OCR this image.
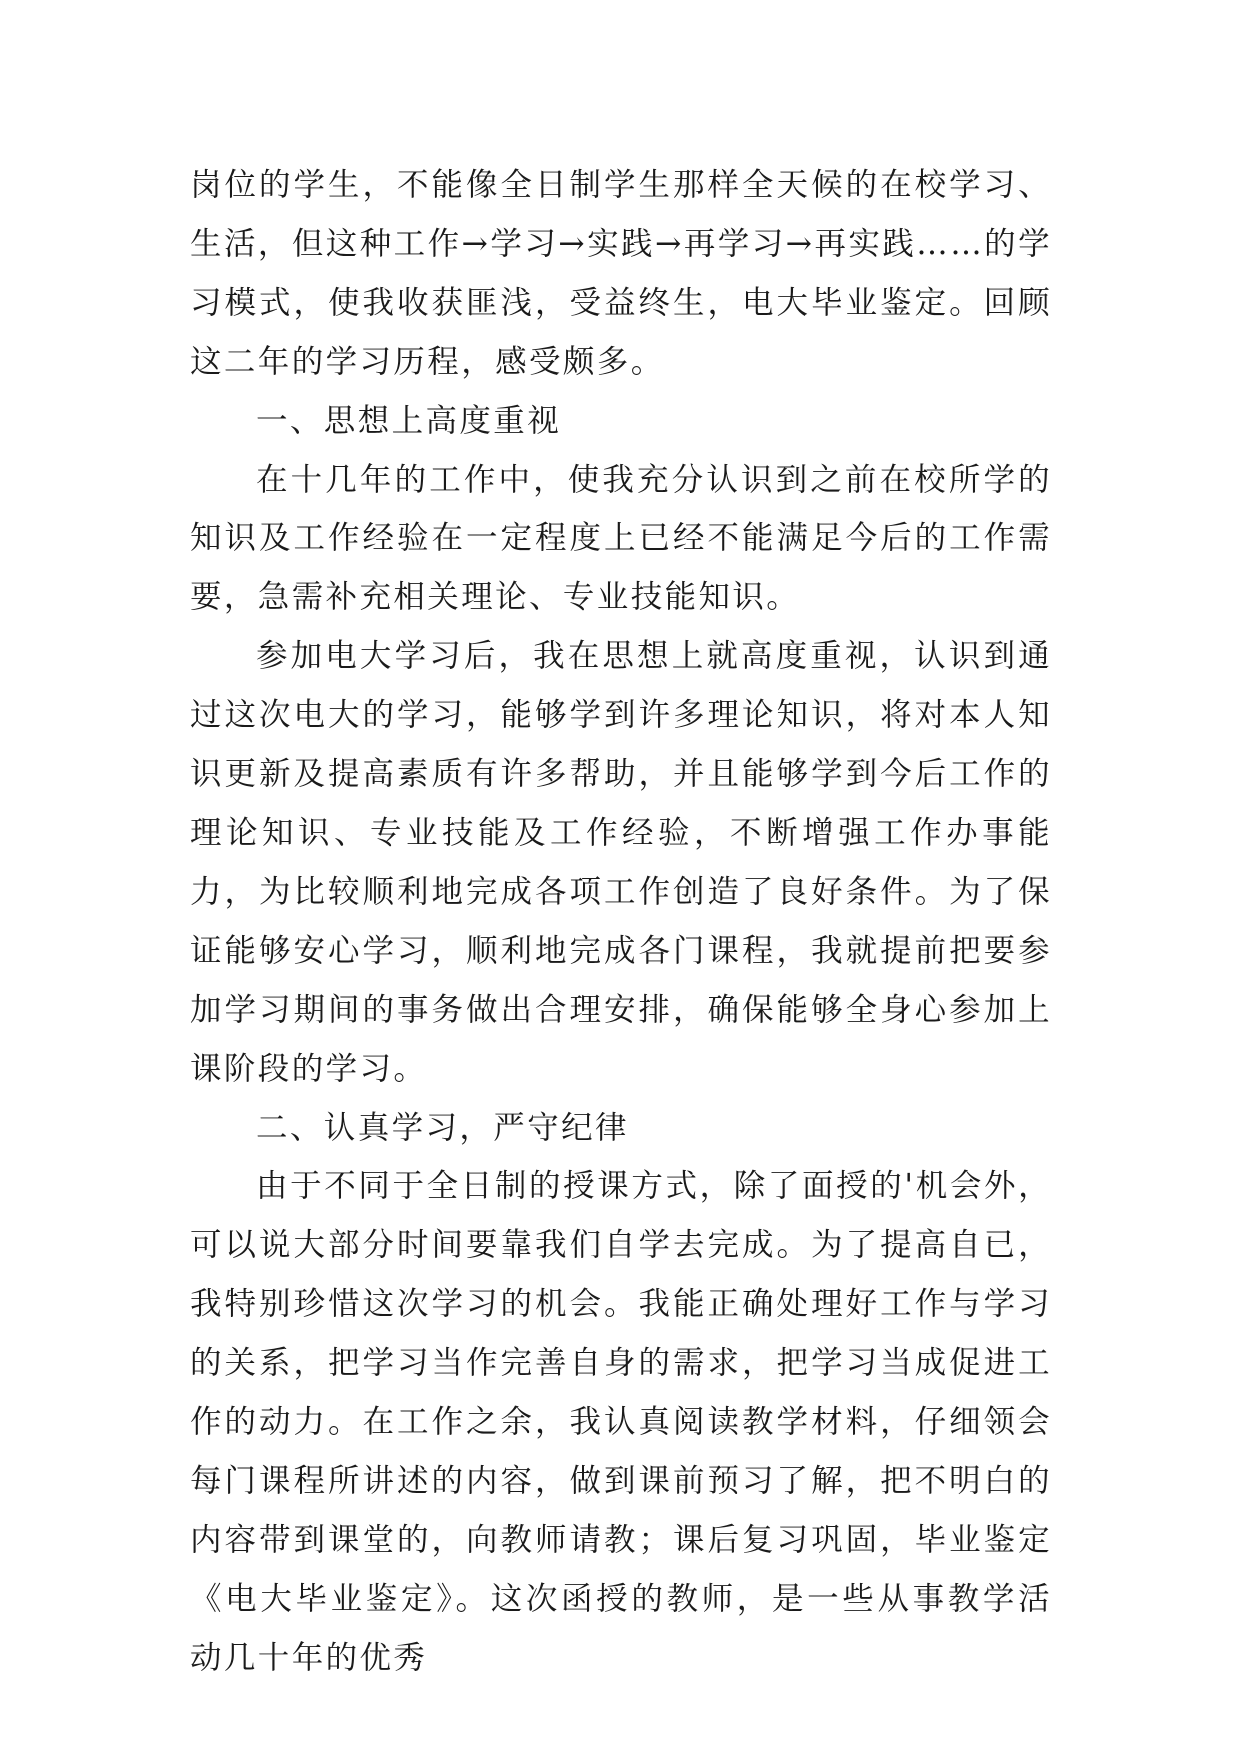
岗位的学生，不能像全日制学生那样全天候的在校学习、生活，但这种工作→学习→实践→再学习→再实践……的学习模式，使我收获匪浅，受益终生，电大毕业鉴定。回顾这二年的学习历程，感受颇多。

一、思想上高度重视

在十几年的工作中，使我充分认识到之前在校所学的知识及工作经验在一定程度上已经不能满足今后的工作需要，急需补充相关理论、专业技能知识。

参加电大学习后，我在思想上就高度重视，认识到通过这次电大的学习，能够学到许多理论知识，将对本人知识更新及提高素质有许多帮助，并且能够学到今后工作的理论知识、专业技能及工作经验，不断增强工作办事能力，为比较顺利地完成各项工作创造了良好条件。为了保证能够安心学习，顺利地完成各门课程，我就提前把要参加学习期间的事务做出合理安排，确保能够全身心参加上课阶段的学习。

二、认真学习，严守纪律

由于不同于全日制的授课方式，除了面授的'机会外，可以说大部分时间要靠我们自学去完成。为了提高自已，我特别珍惜这次学习的机会。我能正确处理好工作与学习的关系，把学习当作完善自身的需求，把学习当成促进工作的动力。在工作之余，我认真阅读教学材料，仔细领会每门课程所讲述的内容，做到课前预习了解，把不明白的内容带到课堂的，向教师请教；课后复习巩固，毕业鉴定《电大毕业鉴定》。这次函授的教师，是一些从事教学活动几十年的优秀
